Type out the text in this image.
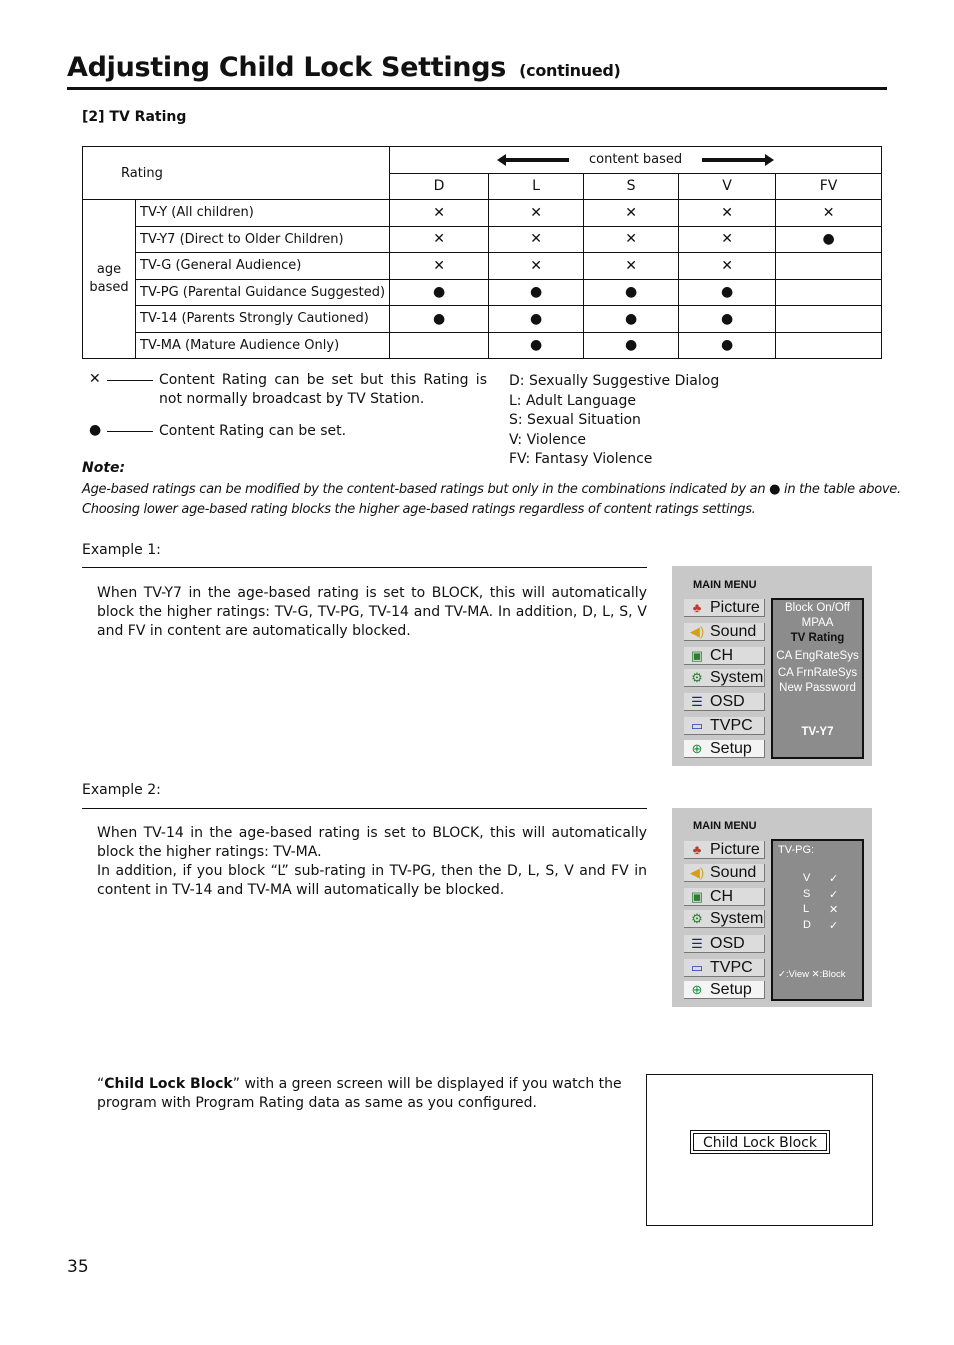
Adjusting Child Lock Settings (continued)
[2] TV Rating
Rating		content based				
		D	L	S	V	FV
age
based	TV-Y (All children)	✕	✕	✕	✕	✕
	TV-Y7 (Direct to Older Children)	✕	✕	✕	✕	●
	TV-G (General Audience)	✕	✕	✕	✕	
	TV-PG (Parental Guidance Suggested)	●	●	●	●	
	TV-14 (Parents Strongly Cautioned)	●	●	●	●	
	TV-MA (Mature Audience Only)		●	●	●	
✕	Content Rating can be set but this Rating is not normally broadcast by TV Station.
●	Content Rating can be set.
D: Sexually Suggestive Dialog
L: Adult Language
S: Sexual Situation
V: Violence
FV: Fantasy Violence
Note:
Age-based ratings can be modified by the content-based ratings but only in the combinations indicated by an ● in the table above.
Choosing lower age-based rating blocks the higher age-based ratings regardless of content ratings settings.
Example 1:
When TV-Y7 in the age-based rating is set to BLOCK, this will automatically block the higher ratings: TV-G, TV-PG, TV-14 and TV-MA. In addition, D, L, S, V and FV in content are automatically blocked.
MAIN MENU
♣ Picture
◀) Sound
▣ CH
⚙ System
☰ OSD
▭ TVPC
⊕ Setup
Block On/Off
MPAA
TV Rating
CA EngRateSys
CA FrnRateSys
New Password
TV-Y7
Example 2:
When TV-14 in the age-based rating is set to BLOCK, this will automatically block the higher ratings: TV-MA.
In addition, if you block “L” sub-rating in TV-PG, then the D, L, S, V and FV in content in TV-14 and TV-MA will automatically be blocked.
MAIN MENU
♣ Picture
◀) Sound
▣ CH
⚙ System
☰ OSD
▭ TVPC
⊕ Setup
TV-PG:
V ✓
S ✓
L ✕
D ✓
✓:View ✕:Block
“Child Lock Block” with a green screen will be displayed if you watch the program with Program Rating data as same as you configured.
Child Lock Block
35
